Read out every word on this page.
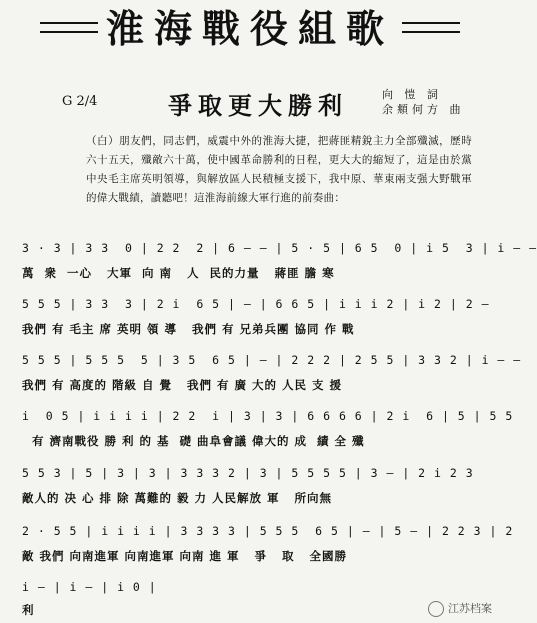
淮海戰役組歌
G 2/4	爭取更大勝利	向 愷 詞
余頫何方 曲
（白）朋友們，同志們，威震中外的淮海大捷，把蔣匪精銳主力全部殲滅，歷時六十五天，殲敵六十萬，使中國革命勝利的日程，更大大的縮短了，這是由於黨中央毛主席英明領導，與解放區人民積極支援下，我中原、華東兩支强大野戰軍的偉大戰績，讀聽吧！這淮海前線大軍行進的前奏曲：
3 · 3 | 3 3  0 | 2 2  2 | 6 ‒ ‒ | 5 · 5 | 6 5  0 | i 5  3 | i ‒ ‒
萬  衆  一心   大軍  向 南   人  民的力量   蔣匪 膽 寒
5 5 5 | 3 3  3 | 2 i  6 5 | ‒ | 6 6 5 | i i i 2 | i 2 | 2 ‒
我們 有 毛主 席 英明 領 導   我們 有 兄弟兵團 協同 作 戰
5 5 5 | 5 5 5  5 | 3 5  6 5 | ‒ | 2 2 2 | 2 5 5 | 3 3 2 | i ‒ ‒
我們 有 高度的 階級 自 覺   我們 有 廣 大的 人民 支 援
i  0 5 | i i i i | 2 2  i | 3 | 3 | 6 6 6 6 | 2 i  6 | 5 | 5 5
有 濟南戰役 勝 利 的 基  礎 曲阜會議 偉大的 成  績 全 殲
5 5 3 | 5 | 3 | 3 | 3 3 3 2 | 3 | 5 5 5 5 | 3 ‒ | 2 i 2 3
敵人的 决 心 排 除 萬難的 毅 力 人民解放 軍   所向無
2 · 5 5 | i i i i | 3 3 3 3 | 5 5 5  6 5 | ‒ | 5 ‒ | 2 2 3 | 2
敵 我們 向南進軍 向南進軍 向南 進 軍   爭   取   全國勝
i ‒ | i ‒ | i 0 |
利	江苏档案
